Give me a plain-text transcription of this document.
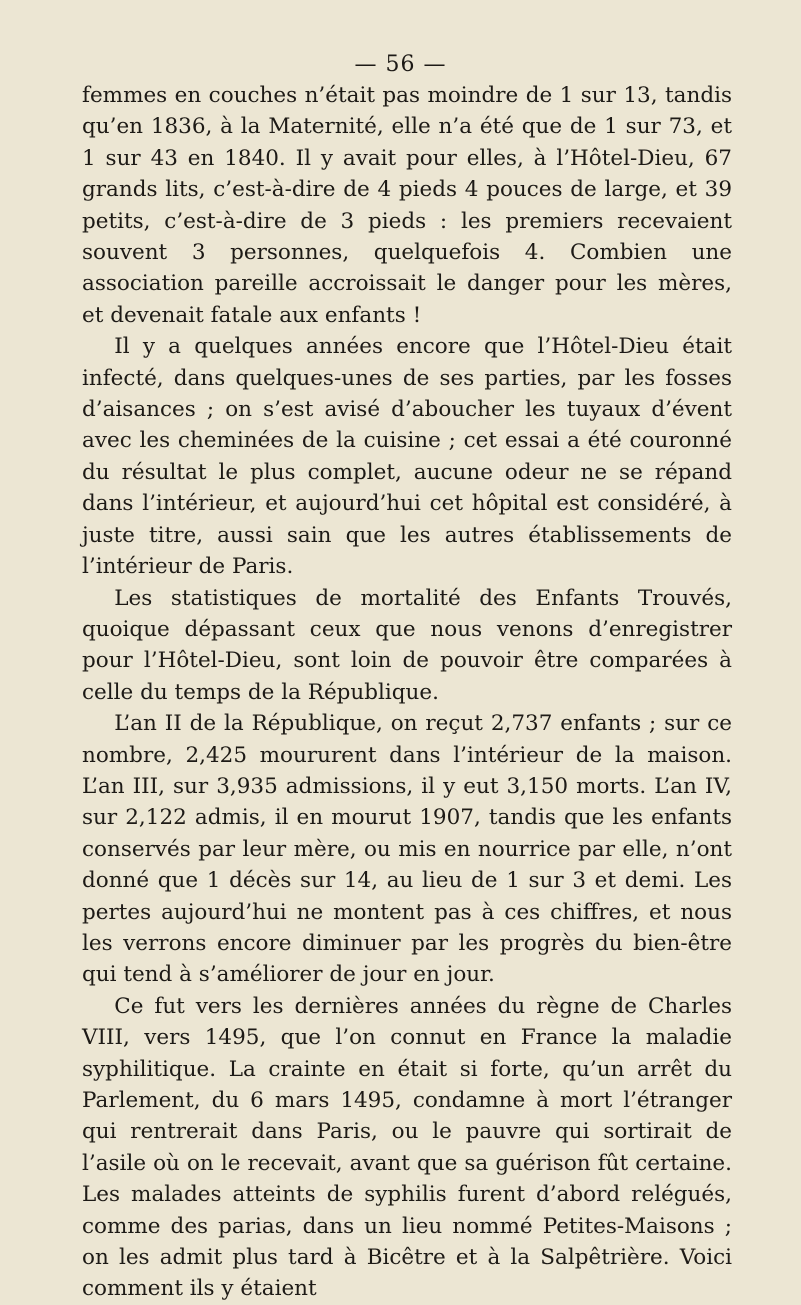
— 56 —

femmes en couches n’était pas moindre de 1 sur 13, tandis qu’en 1836, à la Maternité, elle n’a été que de 1 sur 73, et 1 sur 43 en 1840. Il y avait pour elles, à l’Hôtel-Dieu, 67 grands lits, c’est-à-dire de 4 pieds 4 pouces de large, et 39 petits, c’est-à-dire de 3 pieds : les premiers recevaient souvent 3 personnes, quelquefois 4. Combien une association pareille accroissait le danger pour les mères, et devenait fatale aux enfants !

Il y a quelques années encore que l’Hôtel-Dieu était infecté, dans quelques-unes de ses parties, par les fosses d’aisances ; on s’est avisé d’aboucher les tuyaux d’évent avec les cheminées de la cuisine ; cet essai a été couronné du résultat le plus complet, aucune odeur ne se répand dans l’intérieur, et aujourd’hui cet hôpital est considéré, à juste titre, aussi sain que les autres établissements de l’intérieur de Paris.

Les statistiques de mortalité des Enfants Trouvés, quoique dépassant ceux que nous venons d’enregistrer pour l’Hôtel-Dieu, sont loin de pouvoir être comparées à celle du temps de la République.

L’an II de la République, on reçut 2,737 enfants ; sur ce nombre, 2,425 moururent dans l’intérieur de la maison. L’an III, sur 3,935 admissions, il y eut 3,150 morts. L’an IV, sur 2,122 admis, il en mourut 1907, tandis que les enfants conservés par leur mère, ou mis en nourrice par elle, n’ont donné que 1 décès sur 14, au lieu de 1 sur 3 et demi. Les pertes aujourd’hui ne montent pas à ces chiffres, et nous les verrons encore diminuer par les progrès du bien-être qui tend à s’améliorer de jour en jour.

Ce fut vers les dernières années du règne de Charles VIII, vers 1495, que l’on connut en France la maladie syphilitique. La crainte en était si forte, qu’un arrêt du Parlement, du 6 mars 1495, condamne à mort l’étranger qui rentrerait dans Paris, ou le pauvre qui sortirait de l’asile où on le recevait, avant que sa guérison fût certaine. Les malades atteints de syphilis furent d’abord relégués, comme des parias, dans un lieu nommé Petites-Maisons ; on les admit plus tard à Bicêtre et à la Salpêtrière. Voici comment ils y étaient
